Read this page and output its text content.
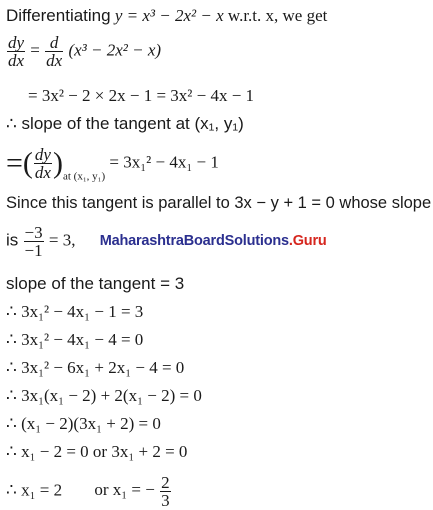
Differentiating y = x³ − 2x² − x w.r.t. x, we get
$\frac{dy}{dx} = \frac{d}{dx} (x^3 - 2x^2 - x)$
= 3x² − 2 × 2x − 1 = 3x² − 4x − 1
∴ slope of the tangent at (x₁, y₁)
=( $\frac{dy}{dx} )_{at (x_1, y_1)} = 3x_1^2 - 4x_1 - 1$
Since this tangent is parallel to 3x − y + 1 = 0 whose slope
is $\frac{-3}{-1} = 3$, MaharashtraBoardSolutions.Guru
slope of the tangent = 3
∴ 3x₁² − 4x₁ − 1 = 3
∴ 3x₁² − 4x₁ − 4 = 0
∴ 3x₁² − 6x₁ + 2x₁ − 4 = 0
∴ 3x₁(x₁ − 2) + 2(x₁ − 2) = 0
∴ (x₁ − 2)(3x₁ + 2) = 0
∴ x₁ − 2 = 0 or 3x₁ + 2 = 0
∴ x₁ = 2 or x₁ = − $\frac{2}{3}$
